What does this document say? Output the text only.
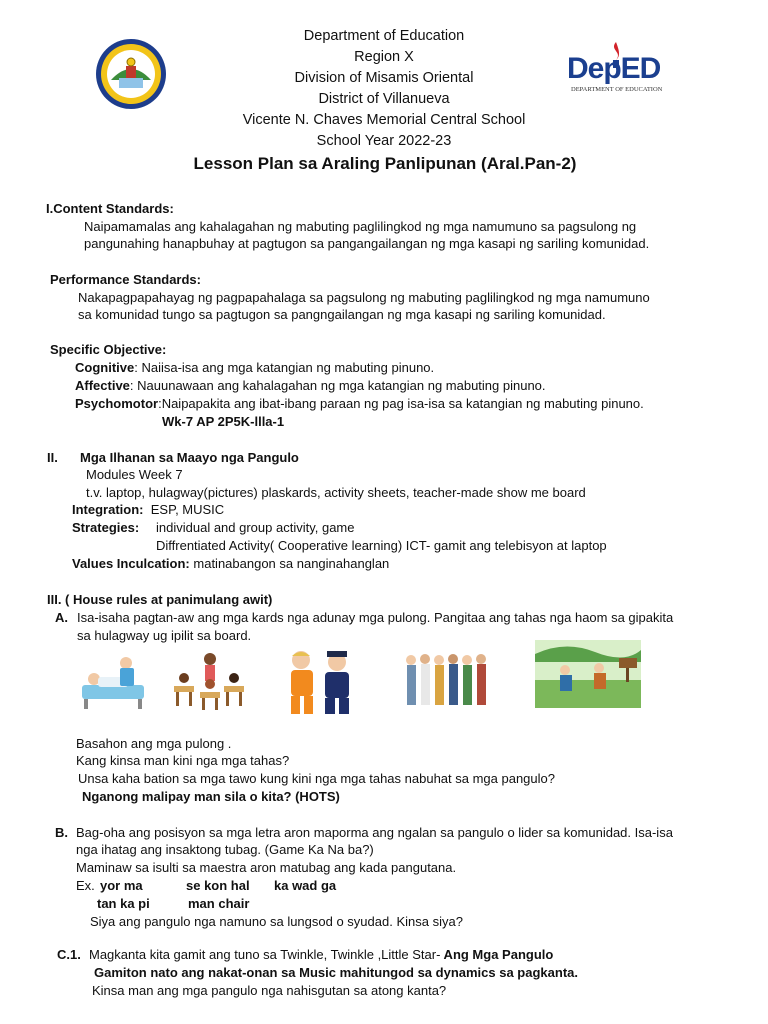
DepED
DEPARTMENT OF EDUCATION
Department of Education
Region X
Division of Misamis Oriental
District of Villanueva
Vicente N. Chaves Memorial Central School
School Year 2022-23
Lesson Plan sa Araling Panlipunan (Aral.Pan-2)
I.Content Standards:
Naipamamalas ang kahalagahan ng mabuting paglilingkod ng mga namumuno sa pagsulong ng
pangunahing hanapbuhay at pagtugon sa pangangailangan ng mga kasapi ng sariling komunidad.
Performance Standards:
Nakapagpapahayag ng pagpapahalaga sa pagsulong ng mabuting paglilingkod ng mga namumuno
sa komunidad tungo sa pagtugon sa pangngailangan ng mga kasapi ng sariling komunidad.
Specific Objective:
Cognitive: Naiisa-isa ang mga katangian ng mabuting pinuno.
Affective: Nauunawaan ang kahalagahan ng mga katangian ng mabuting pinuno.
Psychomotor:Naipapakita ang ibat-ibang paraan ng pag isa-isa sa katangian ng mabuting pinuno.
Wk-7 AP 2P5K-llla-1
II. Mga Ilhanan sa Maayo nga Pangulo
Modules Week 7
t.v. laptop, hulagway(pictures) plaskards, activity sheets, teacher-made show me board
Integration: ESP, MUSIC
Strategies: individual and group activity, game
Diffrentiated Activity( Cooperative learning) ICT- gamit ang telebisyon at laptop
Values Inculcation: matinabangon sa nanginahanglan
III. ( House rules at panimulang awit)
A. Isa-isaha pagtan-aw ang mga kards nga adunay mga pulong. Pangitaa ang tahas nga haom sa gipakita
sa hulagway ug ipilit sa board.
Basahon ang mga pulong .
Kang kinsa man kini nga mga tahas?
Unsa kaha bation sa mga tawo kung kini nga mga tahas nabuhat sa mga pangulo?
Nganong malipay man sila o kita? (HOTS)
B. Bag-oha ang posisyon sa mga letra aron maporma ang ngalan sa pangulo o lider sa komunidad. Isa-isa
nga ihatag ang insaktong tubag. (Game Ka Na ba?)
Maminaw sa isulti sa maestra aron matubag ang kada pangutana.
Ex. yor ma	se kon hal ka wad ga
tan ka pi	man chair
Siya ang pangulo nga namuno sa lungsod o syudad. Kinsa siya?
C.1. Magkanta kita gamit ang tuno sa Twinkle, Twinkle ,Little Star- Ang Mga Pangulo
Gamiton nato ang nakat-onan sa Music mahitungod sa dynamics sa pagkanta.
Kinsa man ang mga pangulo nga nahisgutan sa atong kanta?
